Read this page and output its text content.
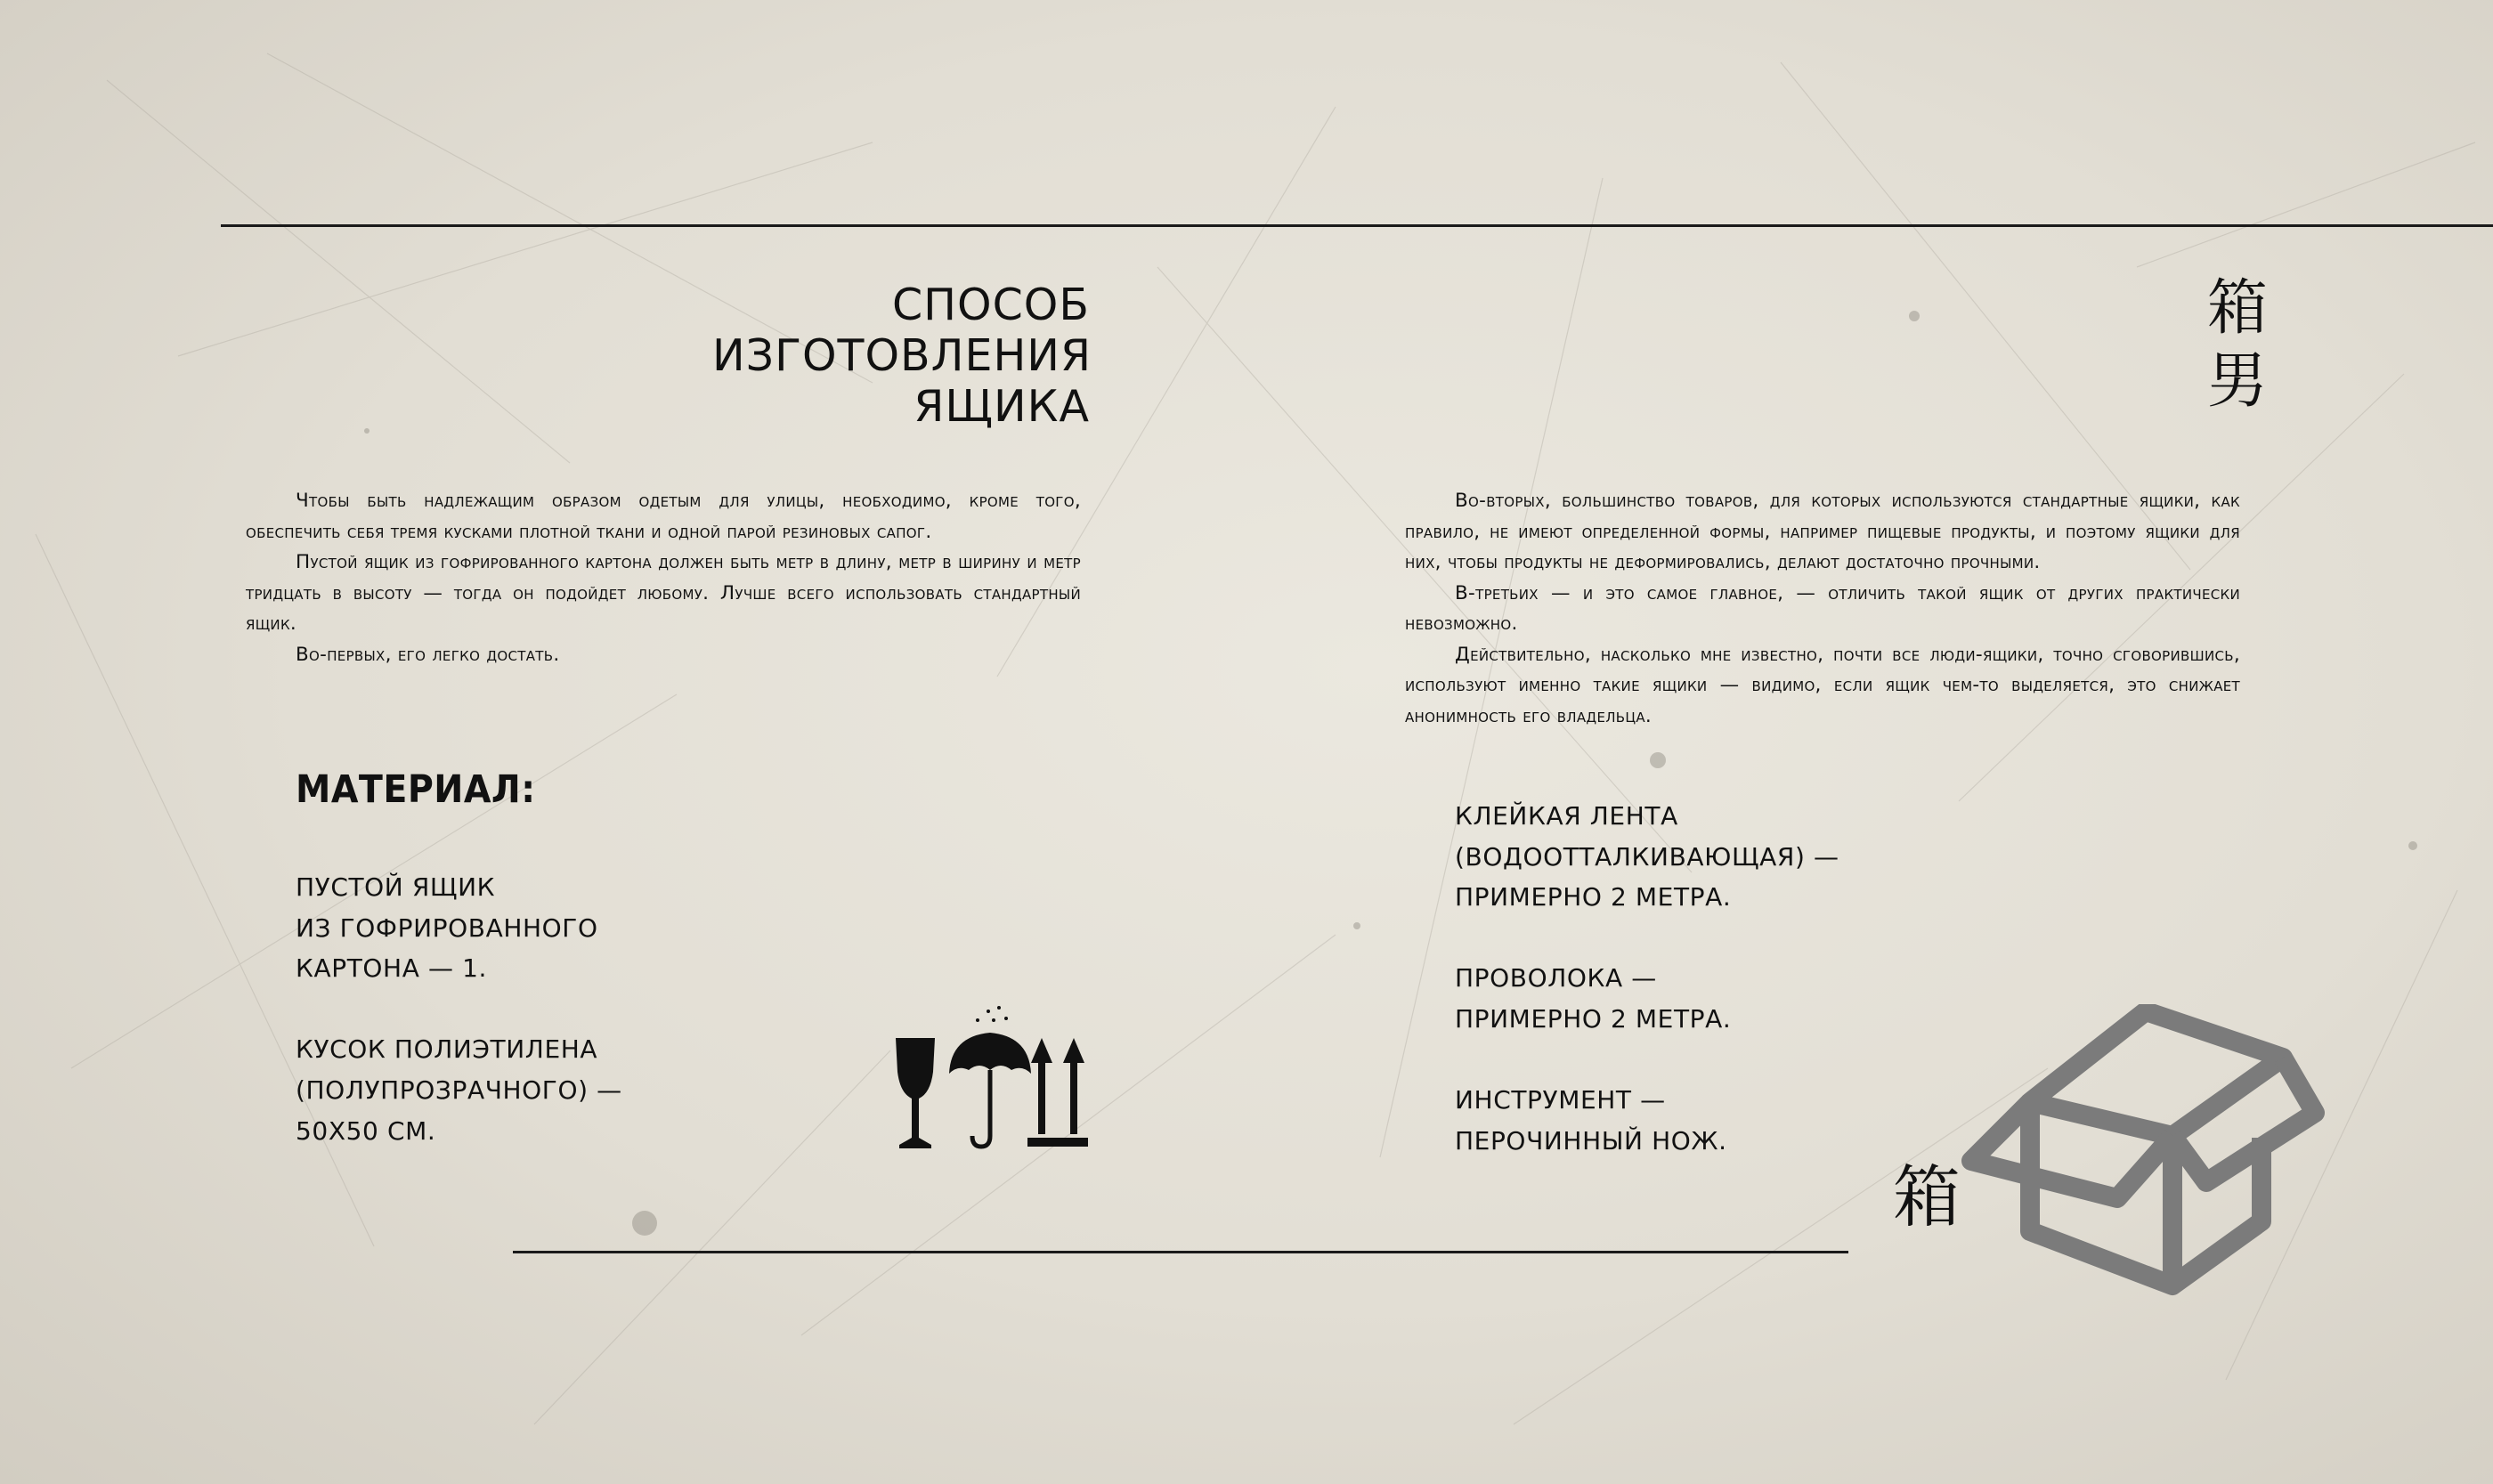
СПОСОБ ИЗГОТОВЛЕНИЯ ЯЩИКА

Чтобы быть надлежащим образом одетым для улицы, необходимо, кроме того, обеспечить себя тремя кусками плотной ткани и одной парой резиновых сапог.

Пустой ящик из гофрированного картона должен быть метр в длину, метр в ширину и метр тридцать в высоту — тогда он подойдет любому. Лучше всего использовать стандартный ящик.

Во-первых, его легко достать.

Во-вторых, большинство товаров, для которых используются стандартные ящики, как правило, не имеют определенной формы, например пищевые продукты, и поэтому ящики для них, чтобы продукты не деформировались, делают достаточно прочными.

В-третьих — и это самое главное, — отличить такой ящик от других практически невозможно.

Действительно, насколько мне известно, почти все люди-ящики, точно сговорившись, используют именно такие ящики — видимо, если ящик чем-то выделяется, это снижает анонимность его владельца.

МАТЕРИАЛ:
ПУСТОЙ ЯЩИК
ИЗ ГОФРИРОВАННОГО
КАРТОНА — 1.
КУСОК ПОЛИЭТИЛЕНА
(ПОЛУПРОЗРАЧНОГО) —
50Х50 СМ.
КЛЕЙКАЯ ЛЕНТА
(ВОДООТТАЛКИВАЮЩАЯ) —
ПРИМЕРНО 2 МЕТРА.
ПРОВОЛОКА —
ПРИМЕРНО 2 МЕТРА.
ИНСТРУМЕНТ —
ПЕРОЧИННЫЙ НОЖ.
箱男
箱
